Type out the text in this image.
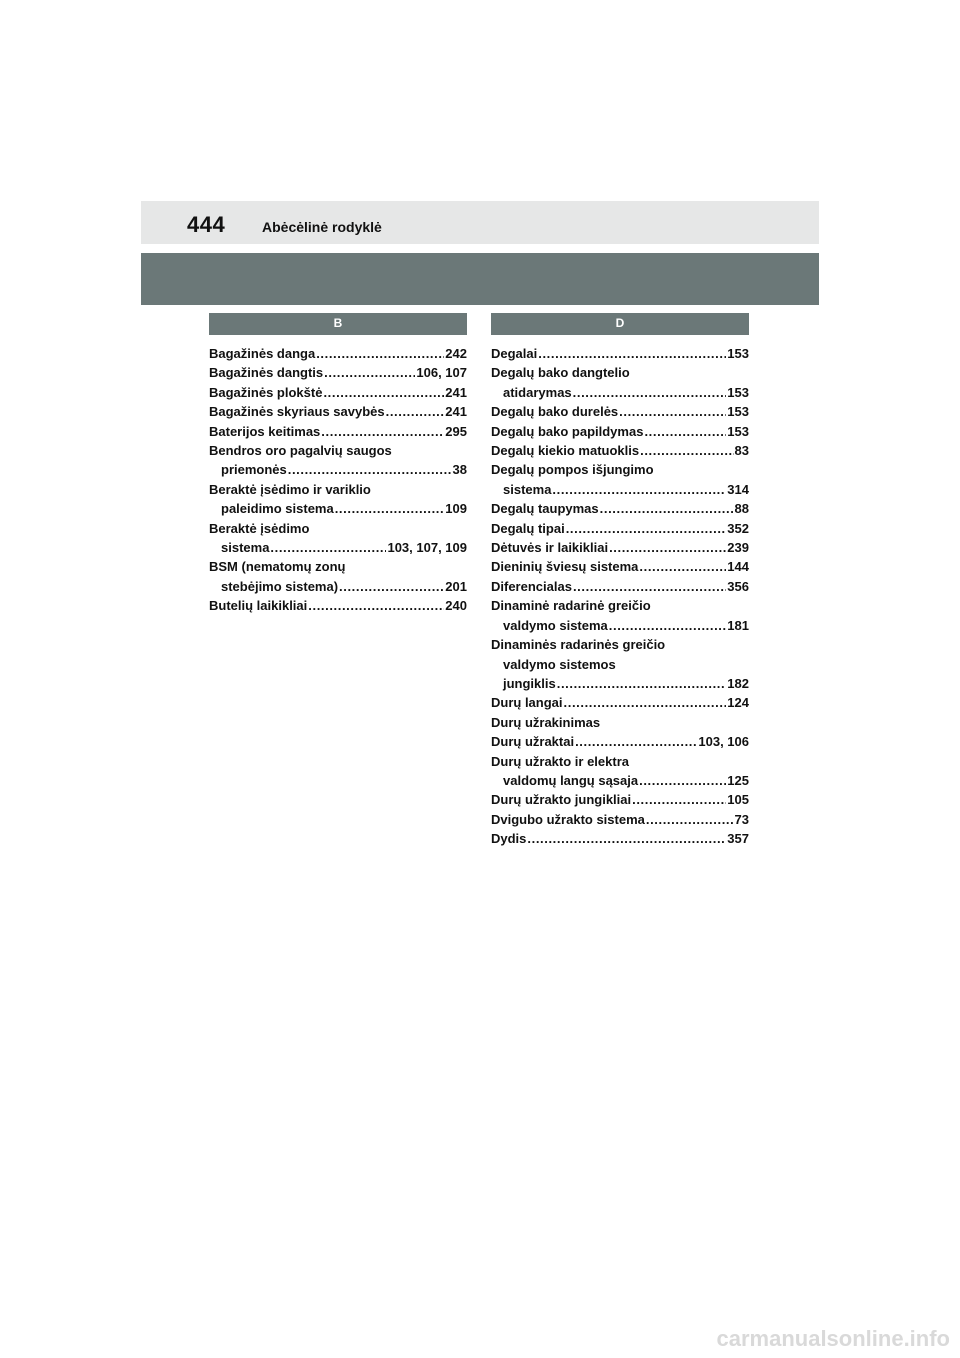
444	Abėcėlinė rodyklė
B
Bagažinės danga .....	242
Bagažinės dangtis .....	106, 107
Bagažinės plokštė .....	241
Bagažinės skyriaus savybės .....	241
Baterijos keitimas .....	295
Bendros oro pagalvių saugos
priemonės .....	38
Beraktė įsėdimo ir variklio
paleidimo sistema .....	109
Beraktė įsėdimo
sistema .....	103, 107, 109
BSM (nematomų zonų
stebėjimo sistema) .....	201
Butelių laikikliai .....	240
D
Degalai .....	153
Degalų bako dangtelio
atidarymas .....	153
Degalų bako durelės .....	153
Degalų bako papildymas .....	153
Degalų kiekio matuoklis .....	83
Degalų pompos išjungimo
sistema .....	314
Degalų taupymas .....	88
Degalų tipai .....	352
Dėtuvės ir laikikliai .....	239
Dieninių šviesų sistema .....	144
Diferencialas .....	356
Dinaminė radarinė greičio
valdymo sistema .....	181
Dinaminės radarinės greičio
valdymo sistemos
jungiklis .....	182
Durų langai .....	124
Durų užrakinimas
Durų užraktai .....	103, 106
Durų užrakto ir elektra
valdomų langų sąsaja .....	125
Durų užrakto jungikliai .....	105
Dvigubo užrakto sistema .....	73
Dydis .....	357
carmanualsonline.info
